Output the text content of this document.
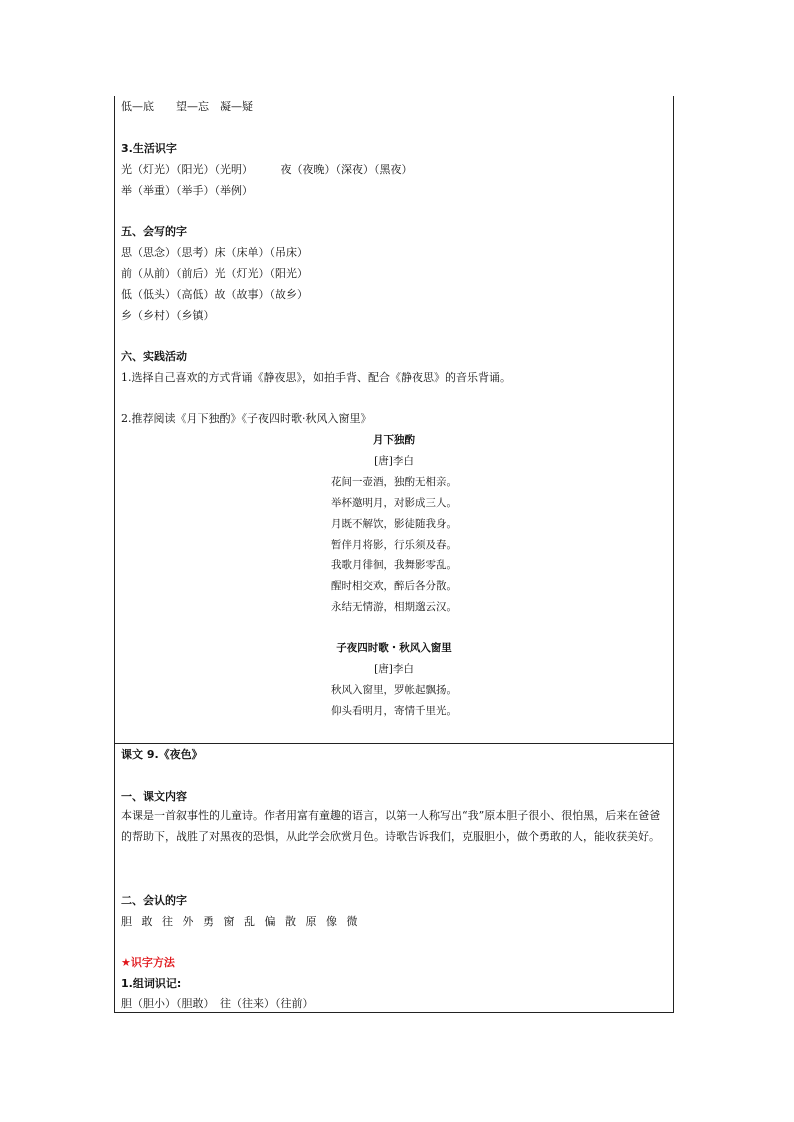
低—底　　望—忘　凝—疑
3.生活识字
光（灯光）（阳光）（光明）　　　夜（夜晚）（深夜）（黑夜）
举（举重）（举手）（举例）
五、会写的字
思（思念）（思考）床（床单）（吊床）
前（从前）（前后）光（灯光）（阳光）
低（低头）（高低）故（故事）（故乡）
乡（乡村）（乡镇）
六、实践活动
1.选择自己喜欢的方式背诵《静夜思》，如拍手背、配合《静夜思》的音乐背诵。
2.推荐阅读《月下独酌》《子夜四时歌·秋风入窗里》
月下独酌
[唐]李白
花间一壶酒，独酌无相亲。
举杯邀明月，对影成三人。
月既不解饮，影徒随我身。
暂伴月将影，行乐须及春。
我歌月徘徊，我舞影零乱。
醒时相交欢，醉后各分散。
永结无情游，相期邈云汉。
子夜四时歌・秋风入窗里
[唐]李白
秋风入窗里，罗帐起飘扬。
仰头看明月，寄情千里光。
课文 9.《夜色》
一、课文内容
本课是一首叙事性的儿童诗。作者用富有童趣的语言，以第一人称写出“我”原本胆子很小、很怕黑，后来在爸爸的帮助下，战胜了对黑夜的恐惧，从此学会欣赏月色。诗歌告诉我们，克服胆小，做个勇敢的人，能收获美好。
二、会认的字
胆 敢 往 外 勇 窗 乱 偏 散 原 像 微
★识字方法
1.组词识记:
胆（胆小）（胆敢）　往（往来）（往前）
